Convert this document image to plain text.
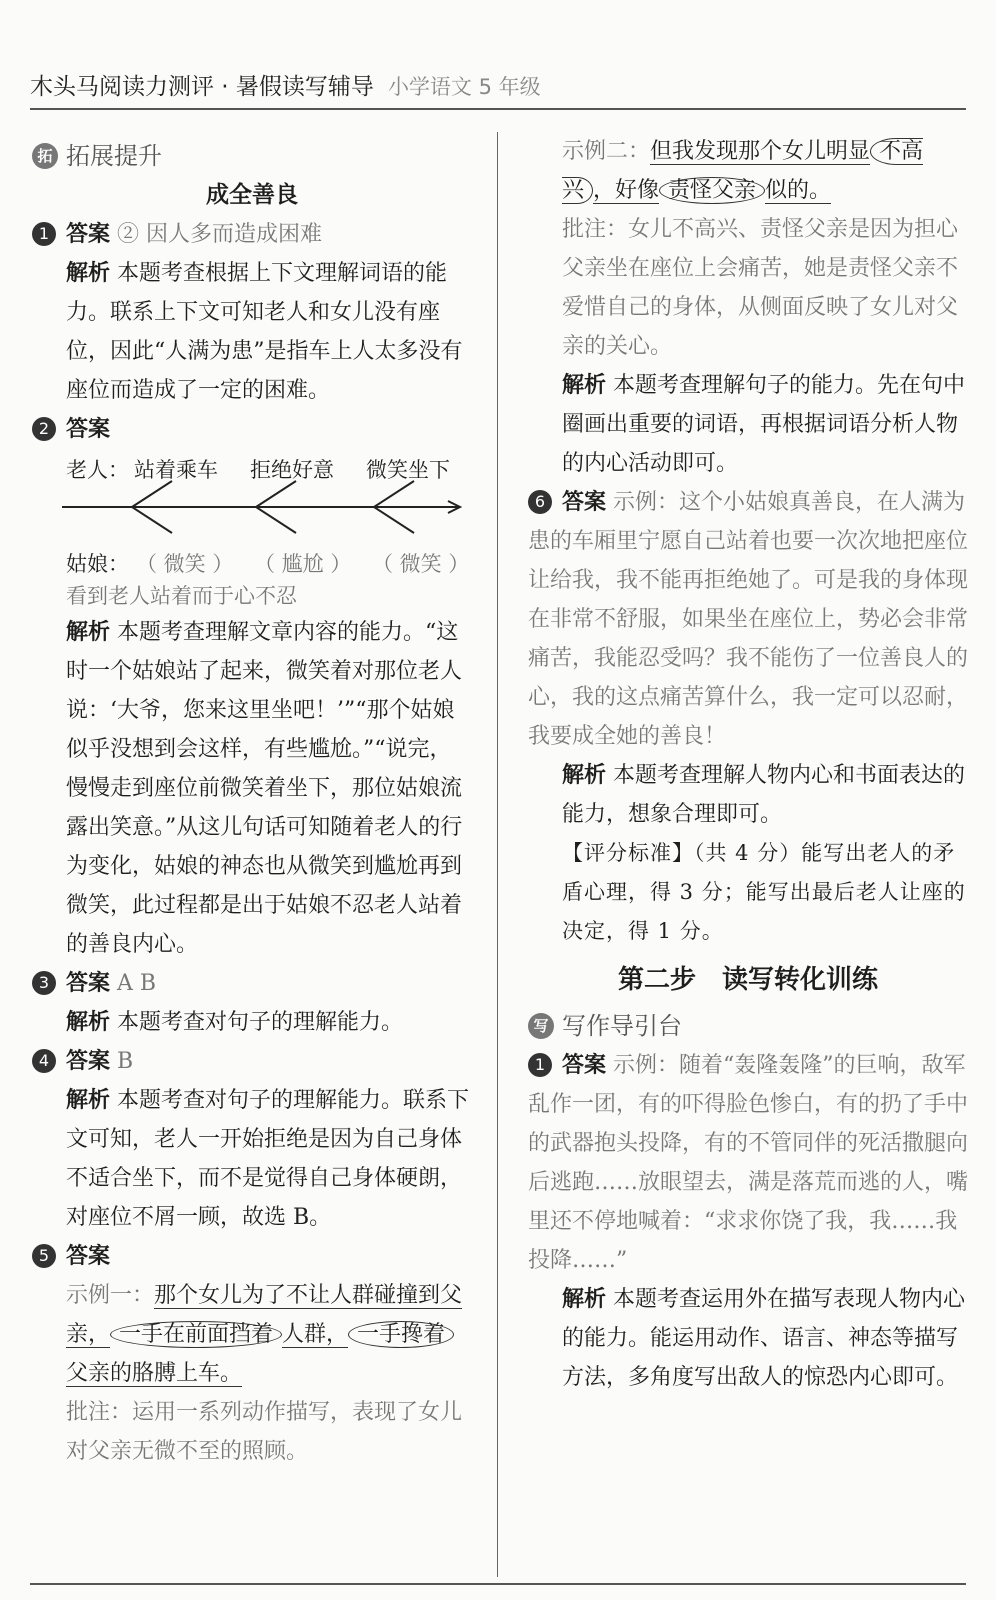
木头马阅读力测评 · 暑假读写辅导 小学语文 5 年级
拓 拓展提升

成全善良

1 答案 ② 因人多而造成困难

解析 本题考查根据上下文理解词语的能力。联系上下文可知老人和女儿没有座位，因此“人满为患”是指车上人太多没有座位而造成了一定的困难。

2 答案

老人： 站着乘车 拒绝好意 微笑坐下
姑娘： （ 微笑 ） （ 尴尬 ） （ 微笑 ）
看到老人站着而于心不忍

解析 本题考查理解文章内容的能力。“这时一个姑娘站了起来，微笑着对那位老人说：‘大爷，您来这里坐吧！’”“那个姑娘似乎没想到会这样，有些尴尬。”“说完，慢慢走到座位前微笑着坐下，那位姑娘流露出笑意。”从这儿句话可知随着老人的行为变化，姑娘的神态也从微笑到尴尬再到微笑，此过程都是出于姑娘不忍老人站着的善良内心。

3 答案 A B

解析 本题考查对句子的理解能力。

4 答案 B

解析 本题考查对句子的理解能力。联系下文可知，老人一开始拒绝是因为自己身体不适合坐下，而不是觉得自己身体硬朗，对座位不屑一顾，故选 B。

5 答案

示例一：那个女儿为了不让人群碰撞到父亲， 一手在前面挡着 人群， 一手搀着父亲的胳膊上车。

批注：运用一系列动作描写，表现了女儿对父亲无微不至的照顾。

示例二：但我发现那个女儿明显 不高兴 ，好像 责怪父亲 似的。

批注：女儿不高兴、责怪父亲是因为担心父亲坐在座位上会痛苦，她是责怪父亲不爱惜自己的身体，从侧面反映了女儿对父亲的关心。

解析 本题考查理解句子的能力。先在句中圈画出重要的词语，再根据词语分析人物的内心活动即可。

6 答案 示例：这个小姑娘真善良，在人满为患的车厢里宁愿自己站着也要一次次地把座位让给我，我不能再拒绝她了。可是我的身体现在非常不舒服，如果坐在座位上，势必会非常痛苦，我能忍受吗？我不能伤了一位善良人的心，我的这点痛苦算什么，我一定可以忍耐，我要成全她的善良！

解析 本题考查理解人物内心和书面表达的能力，想象合理即可。

【评分标准】（共 4 分）能写出老人的矛盾心理，得 3 分；能写出最后老人让座的决定，得 1 分。

第二步　读写转化训练

写 写作导引台

1 答案 示例：随着“轰隆轰隆”的巨响，敌军乱作一团，有的吓得脸色惨白，有的扔了手中的武器抱头投降，有的不管同伴的死活撒腿向后逃跑……放眼望去，满是落荒而逃的人，嘴里还不停地喊着：“求求你饶了我，我……我投降……”

解析 本题考查运用外在描写表现人物内心的能力。能运用动作、语言、神态等描写方法，多角度写出敌人的惊恐内心即可。
